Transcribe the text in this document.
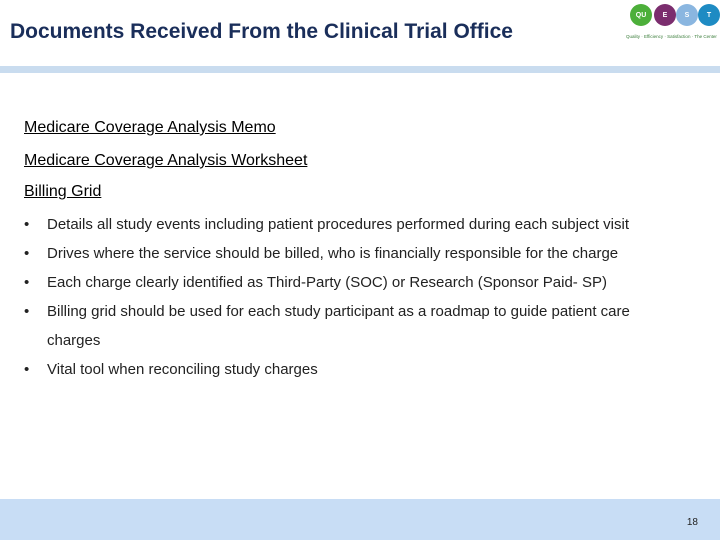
Documents Received From the Clinical Trial Office
QU	E	S	T
Quality · Efficiency · Satisfaction · The Center
Medicare Coverage Analysis Memo
Medicare Coverage Analysis Worksheet
Billing Grid
•	Details all study events including patient procedures performed during each subject visit
•	Drives where the service should be billed, who is financially responsible for the charge
•	Each charge clearly identified as Third-Party (SOC) or Research (Sponsor Paid- SP)
•	Billing grid should be used for each study participant as a roadmap to guide patient care charges
•	Vital tool when reconciling study charges
18
